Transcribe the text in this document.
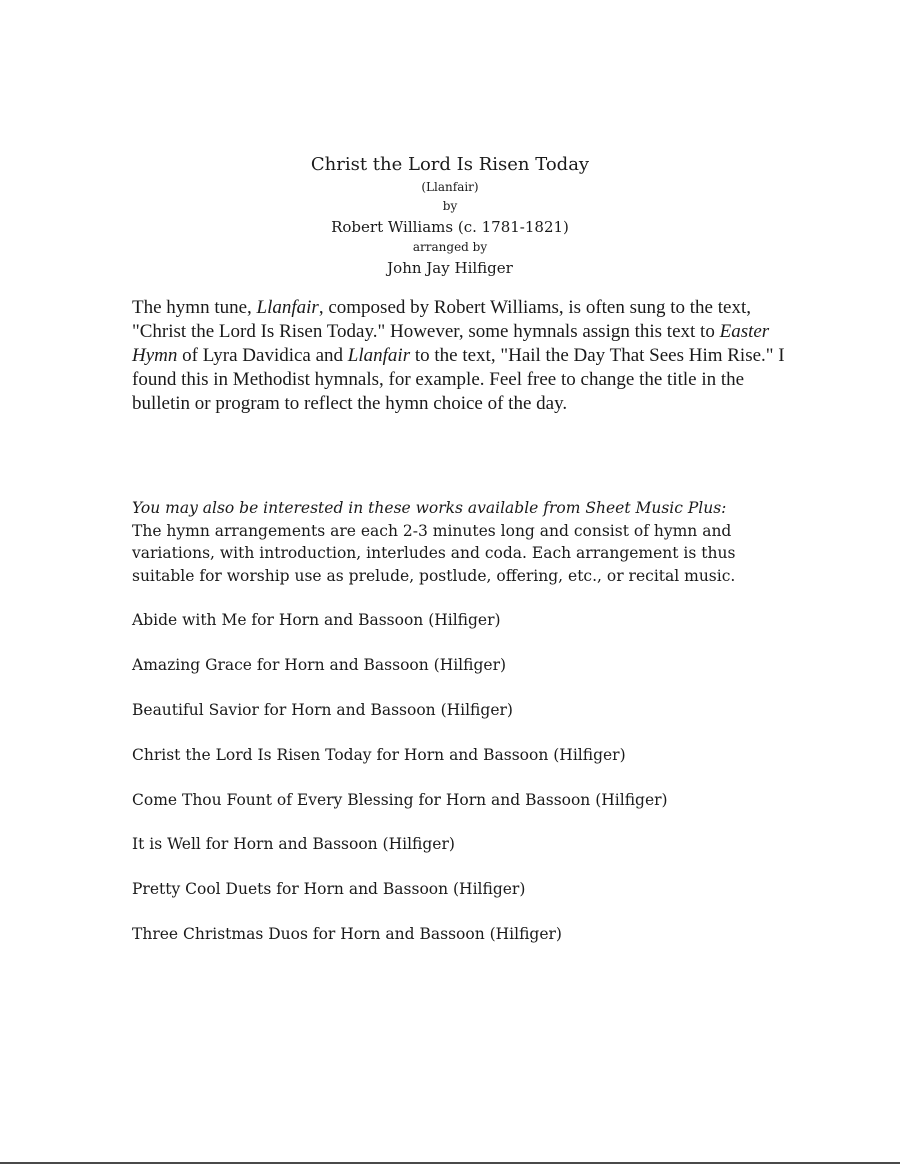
Christ the Lord Is Risen Today
(Llanfair)
by
Robert Williams (c. 1781-1821)
arranged by
John Jay Hilfiger

The hymn tune, Llanfair, composed by Robert Williams, is often sung to the text, "Christ the Lord Is Risen Today." However, some hymnals assign this text to Easter Hymn of Lyra Davidica and Llanfair to the text, "Hail the Day That Sees Him Rise." I found this in Methodist hymnals, for example. Feel free to change the title in the bulletin or program to reflect the hymn choice of the day.

You may also be interested in these works available from Sheet Music Plus:
The hymn arrangements are each 2-3 minutes long and consist of hymn and variations, with introduction, interludes and coda. Each arrangement is thus suitable for worship use as prelude, postlude, offering, etc., or recital music.

Abide with Me for Horn and Bassoon (Hilfiger)
Amazing Grace for Horn and Bassoon (Hilfiger)
Beautiful Savior for Horn and Bassoon (Hilfiger)
Christ the Lord Is Risen Today for Horn and Bassoon (Hilfiger)
Come Thou Fount of Every Blessing for Horn and Bassoon (Hilfiger)
It is Well for Horn and Bassoon (Hilfiger)
Pretty Cool Duets for Horn and Bassoon (Hilfiger)
Three Christmas Duos for Horn and Bassoon (Hilfiger)
